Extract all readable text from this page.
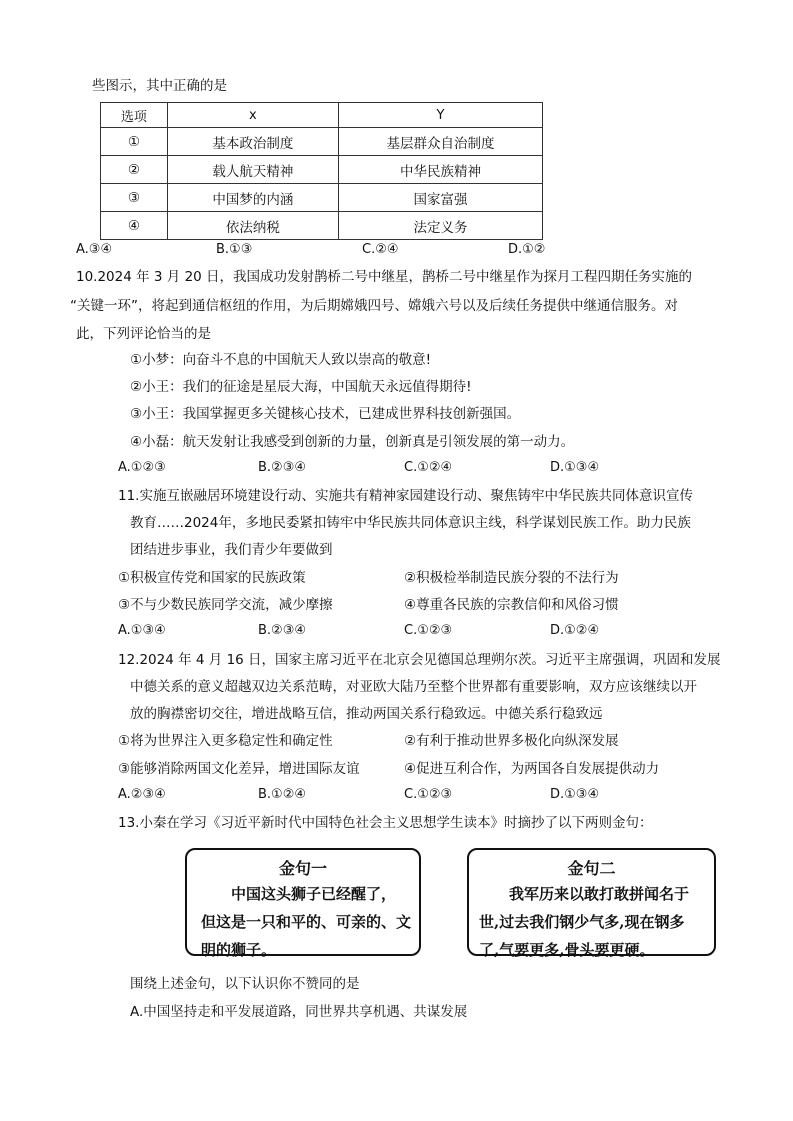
些图示，其中正确的是
选项	x	Y
①	基本政治制度	基层群众自治制度
②	载人航天精神	中华民族精神
③	中国梦的内涵	国家富强
④	依法纳税	法定义务
A.③④	B.①③	C.②④	D.①②
10.2024 年 3 月 20 日，我国成功发射鹊桥二号中继星，鹊桥二号中继星作为探月工程四期任务实施的
“关键一环”，将起到通信枢纽的作用，为后期嫦娥四号、嫦娥六号以及后续任务提供中继通信服务。对
此，下列评论恰当的是
①小梦：向奋斗不息的中国航天人致以崇高的敬意!
②小王：我们的征途是星辰大海，中国航天永远值得期待!
③小王：我国掌握更多关键核心技术，已建成世界科技创新强国。
④小磊：航天发射让我感受到创新的力量，创新真是引领发展的第一动力。
A.①②③	B.②③④	C.①②④	D.①③④
11.实施互嵌融居环境建设行动、实施共有精神家园建设行动、聚焦铸牢中华民族共同体意识宣传
教育……2024年，多地民委紧扣铸牢中华民族共同体意识主线，科学谋划民族工作。助力民族
团结进步事业，我们青少年要做到
①积极宣传党和国家的民族政策	②积极检举制造民族分裂的不法行为
③不与少数民族同学交流，减少摩擦	④尊重各民族的宗教信仰和风俗习惯
A.①③④	B.②③④	C.①②③	D.①②④
12.2024 年 4 月 16 日，国家主席习近平在北京会见德国总理朔尔茨。习近平主席强调，巩固和发展
中德关系的意义超越双边关系范畴，对亚欧大陆乃至整个世界都有重要影响，双方应该继续以开
放的胸襟密切交往，增进战略互信，推动两国关系行稳致远。中德关系行稳致远
①将为世界注入更多稳定性和确定性	②有利于推动世界多极化向纵深发展
③能够消除两国文化差异，增进国际友谊	④促进互利合作，为两国各自发展提供动力
A.②③④	B.①②④	C.①②③	D.①③④
13.小秦在学习《习近平新时代中国特色社会主义思想学生读本》时摘抄了以下两则金句：
金句一
中国这头狮子已经醒了，
但这是一只和平的、可亲的、文
明的狮子。
金句二
我军历来以敢打敢拼闻名于
世,过去我们钢少气多,现在钢多
了,气要更多,骨头要更硬。
围绕上述金句，以下认识你不赞同的是
A.中国坚持走和平发展道路，同世界共享机遇、共谋发展
